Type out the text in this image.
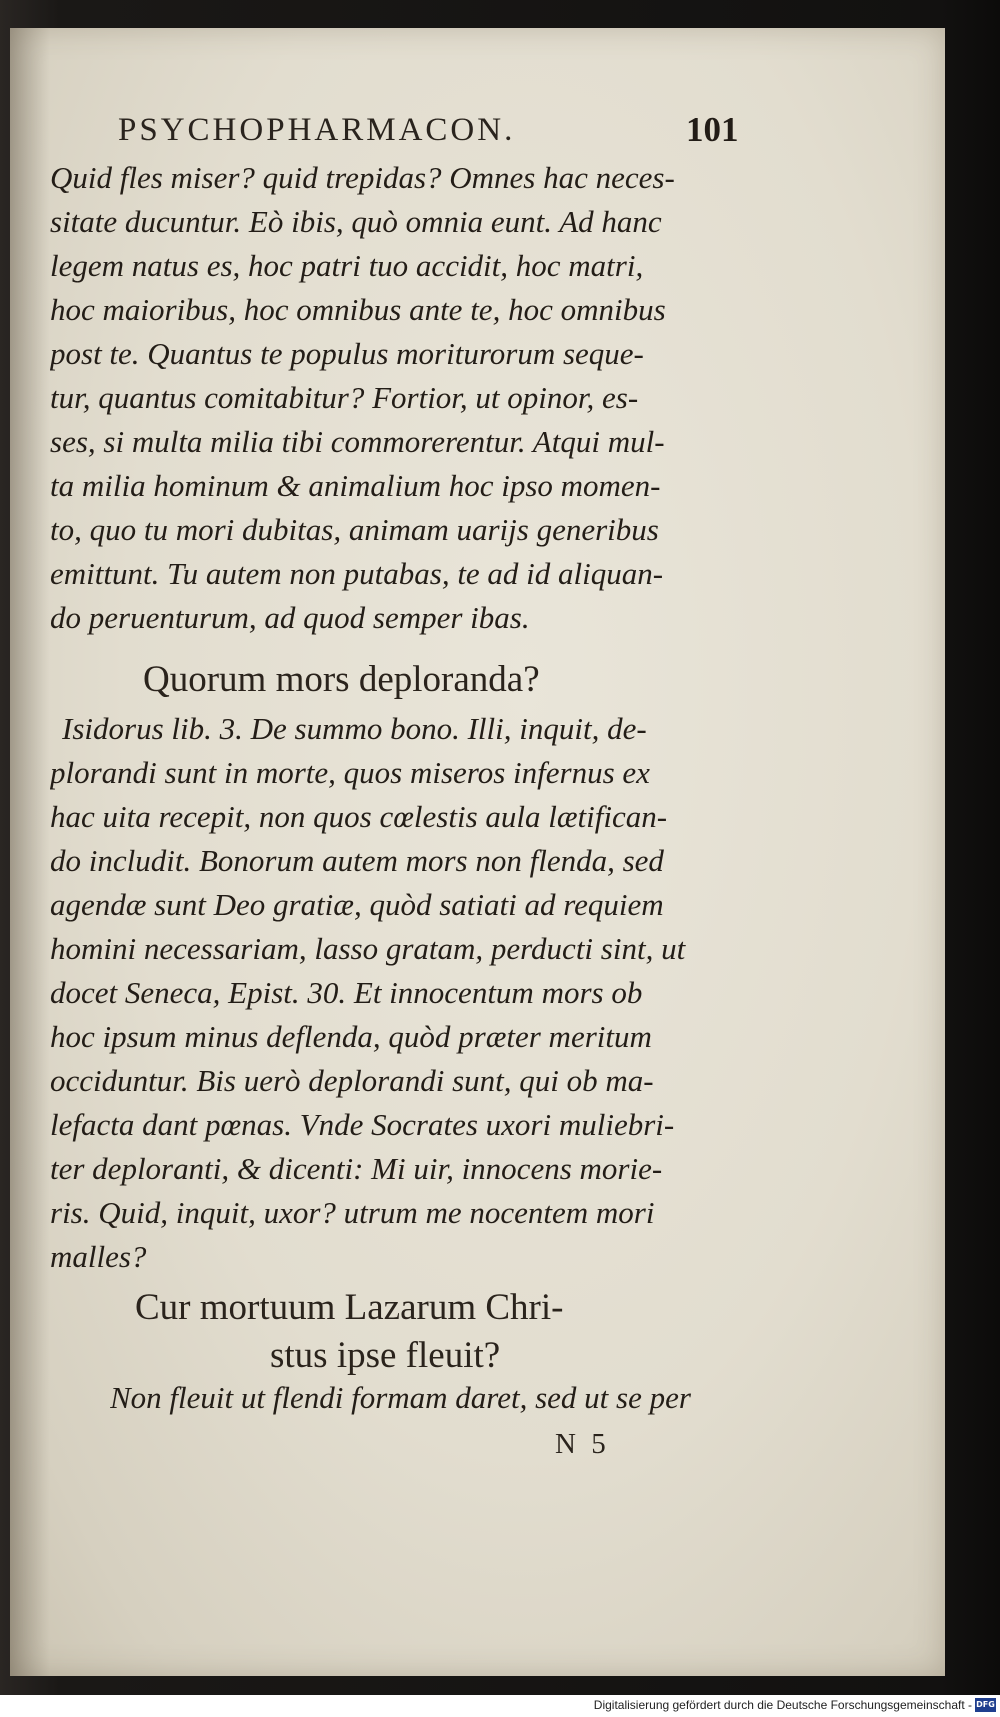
PSYCHOPHARMACON.	101
Quid fles miser? quid trepidas? Omnes hac neces-
sitate ducuntur. Eò ibis, quò omnia eunt. Ad hanc
legem natus es, hoc patri tuo accidit, hoc matri,
hoc maioribus, hoc omnibus ante te, hoc omnibus
post te. Quantus te populus moriturorum seque-
tur, quantus comitabitur? Fortior, ut opinor, es-
ses, si multa milia tibi commorerentur. Atqui mul-
ta milia hominum & animalium hoc ipso momen-
to, quo tu mori dubitas, animam uarijs generibus
emittunt. Tu autem non putabas, te ad id aliquan-
do peruenturum, ad quod semper ibas.
Quorum mors deploranda?
Isidorus lib. 3. De summo bono. Illi, inquit, de-
plorandi sunt in morte, quos miseros infernus ex
hac uita recepit, non quos cœlestis aula lætifican-
do includit. Bonorum autem mors non flenda, sed
agendæ sunt Deo gratiæ, quòd satiati ad requiem
homini necessariam, lasso gratam, perducti sint, ut
docet Seneca, Epist. 30. Et innocentum mors ob
hoc ipsum minus deflenda, quòd præter meritum
occiduntur. Bis uerò deplorandi sunt, qui ob ma-
lefacta dant pœnas. Vnde Socrates uxori muliebri-
ter deploranti, & dicenti: Mi uir, innocens morie-
ris. Quid, inquit, uxor? utrum me nocentem mori
malles?
Cur mortuum Lazarum Chri-
stus ipse fleuit?
Non fleuit ut flendi formam daret, sed ut se per
N 5
Digitalisierung gefördert durch die Deutsche Forschungsgemeinschaft - DFG
